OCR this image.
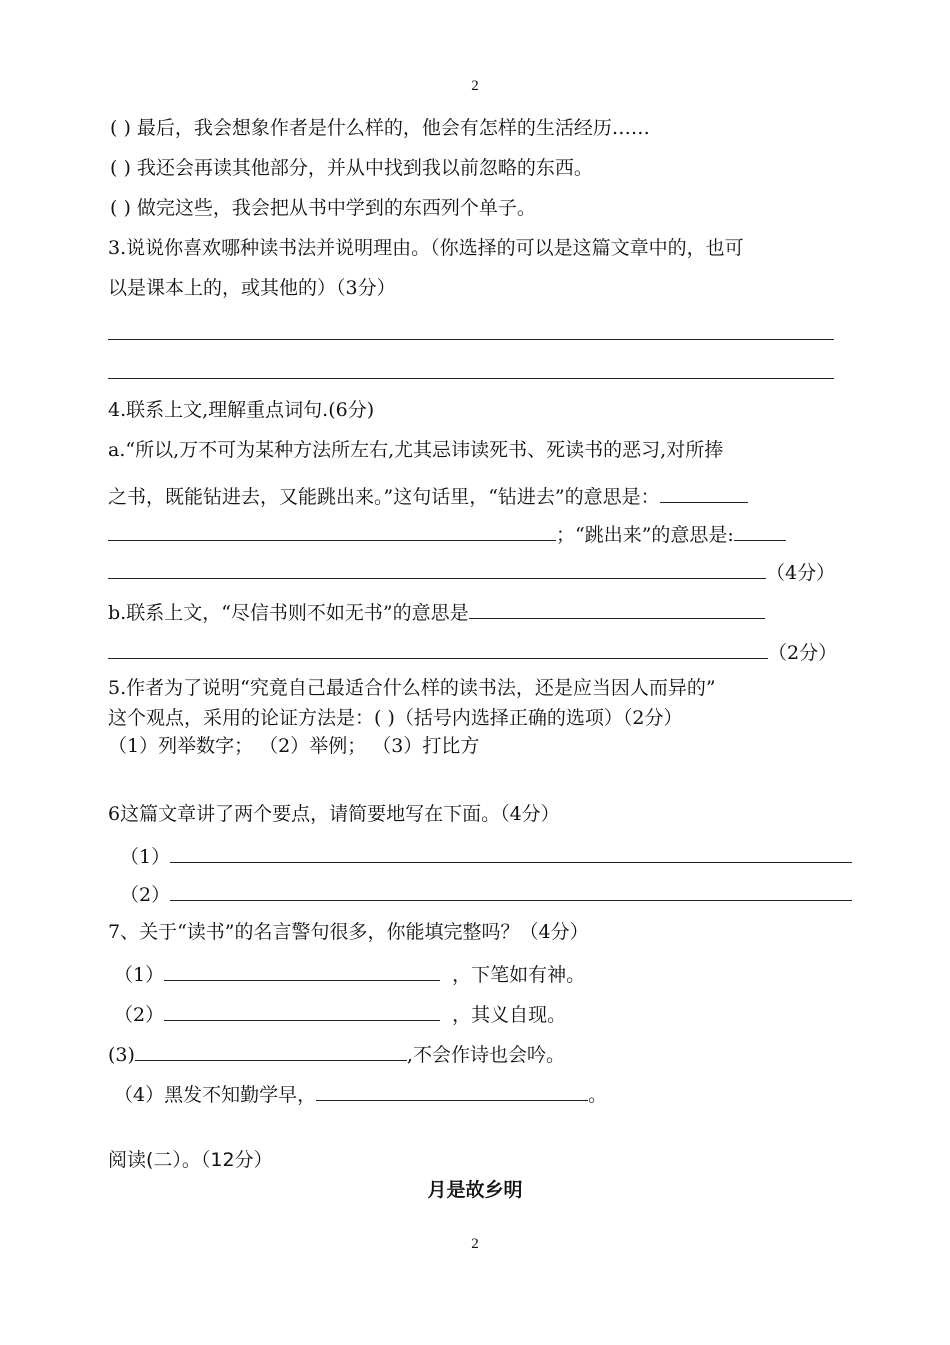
2
( ) 最后，我会想象作者是什么样的，他会有怎样的生活经历……
( ) 我还会再读其他部分，并从中找到我以前忽略的东西。
( ) 做完这些，我会把从书中学到的东西列个单子。
3.说说你喜欢哪种读书法并说明理由。（你选择的可以是这篇文章中的，也可
以是课本上的，或其他的）（3分）
4.联系上文,理解重点词句.(6分)
a.“所以,万不可为某种方法所左右,尤其忌讳读死书、死读书的恶习,对所捧
之书，既能钻进去，又能跳出来。”这句话里，“钻进去”的意思是：
；“跳出来”的意思是:
（4分）
b.联系上文，“尽信书则不如无书”的意思是
（2分）
5.作者为了说明“究竟自己最适合什么样的读书法，还是应当因人而异的”
这个观点，采用的论证方法是：( )（括号内选择正确的选项）（2分）
（1）列举数字； （2）举例； （3）打比方
6这篇文章讲了两个要点，请简要地写在下面。（4分）
（1）
（2）
7、关于“读书”的名言警句很多，你能填完整吗？（4分）
（1）	，下笔如有神。
（2）	，其义自现。
(3)	,不会作诗也会吟。
（4）黑发不知勤学早，	。
阅读(二）。（12分）
月是故乡明
2
